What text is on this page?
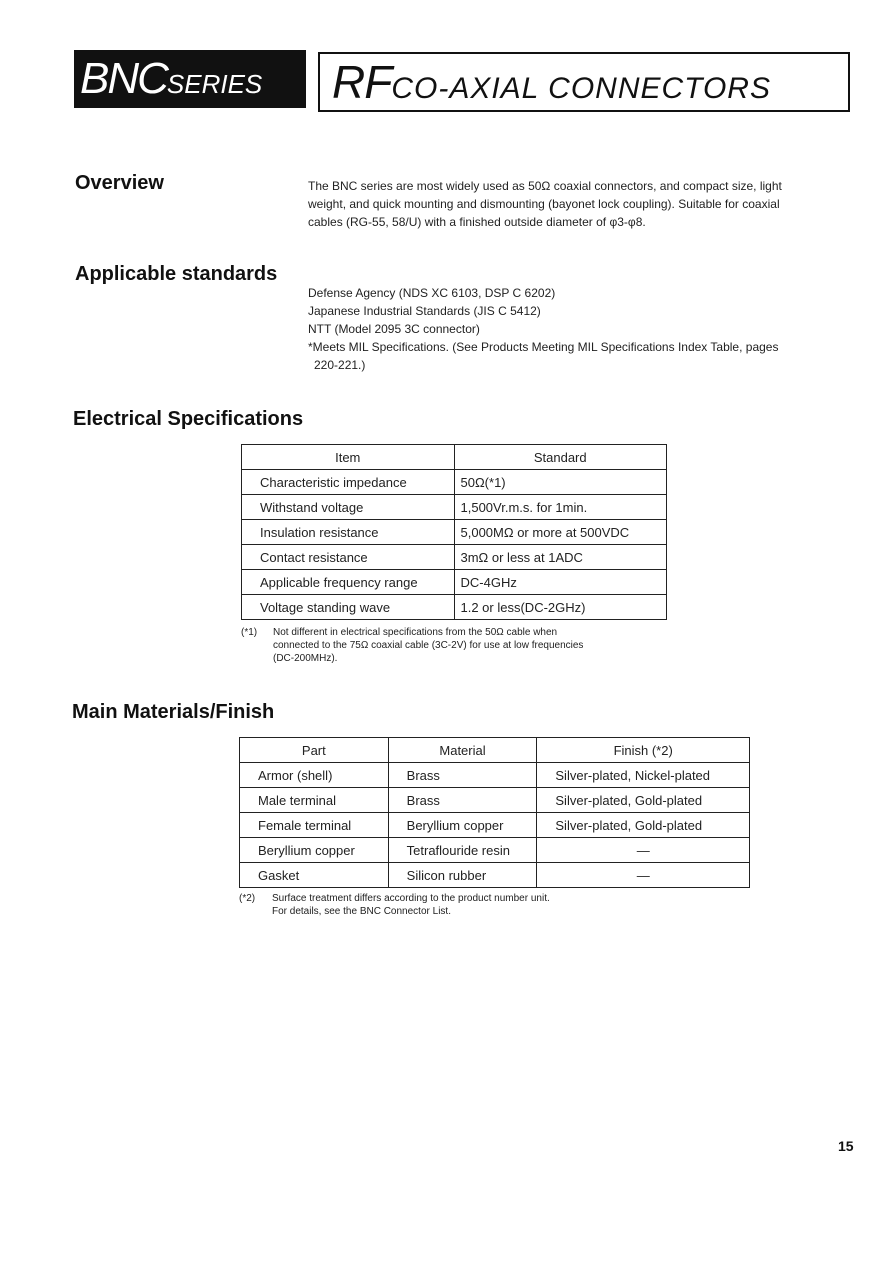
BNCSERIES	RFCO-AXIAL CONNECTORS
Overview	The BNC series are most widely used as 50Ω coaxial connectors, and compact size, light
weight, and quick mounting and dismounting (bayonet lock coupling). Suitable for coaxial
cables (RG-55, 58/U) with a finished outside diameter of φ3-φ8.
Applicable standards
Defense Agency (NDS XC 6103, DSP C 6202)
Japanese Industrial Standards (JIS C 5412)
NTT (Model 2095 3C connector)
*Meets MIL Specifications. (See Products Meeting MIL Specifications Index Table, pages
220-221.)
Electrical Specifications
Item	Standard
Characteristic impedance	50Ω(*1)
Withstand voltage	1,500Vr.m.s. for 1min.
Insulation resistance	5,000MΩ or more at 500VDC
Contact resistance	3mΩ or less at 1ADC
Applicable frequency range	DC-4GHz
Voltage standing wave	1.2 or less(DC-2GHz)
(*1) Not different in electrical specifications from the 50Ω cable when
connected to the 75Ω coaxial cable (3C-2V) for use at low frequencies
(DC-200MHz).
Main Materials/Finish
Part	Material	Finish (*2)
Armor (shell)	Brass	Silver-plated, Nickel-plated
Male terminal	Brass	Silver-plated, Gold-plated
Female terminal	Beryllium copper	Silver-plated, Gold-plated
Beryllium copper	Tetraflouride resin	—
Gasket	Silicon rubber	—
(*2) Surface treatment differs according to the product number unit.
For details, see the BNC Connector List.
15
